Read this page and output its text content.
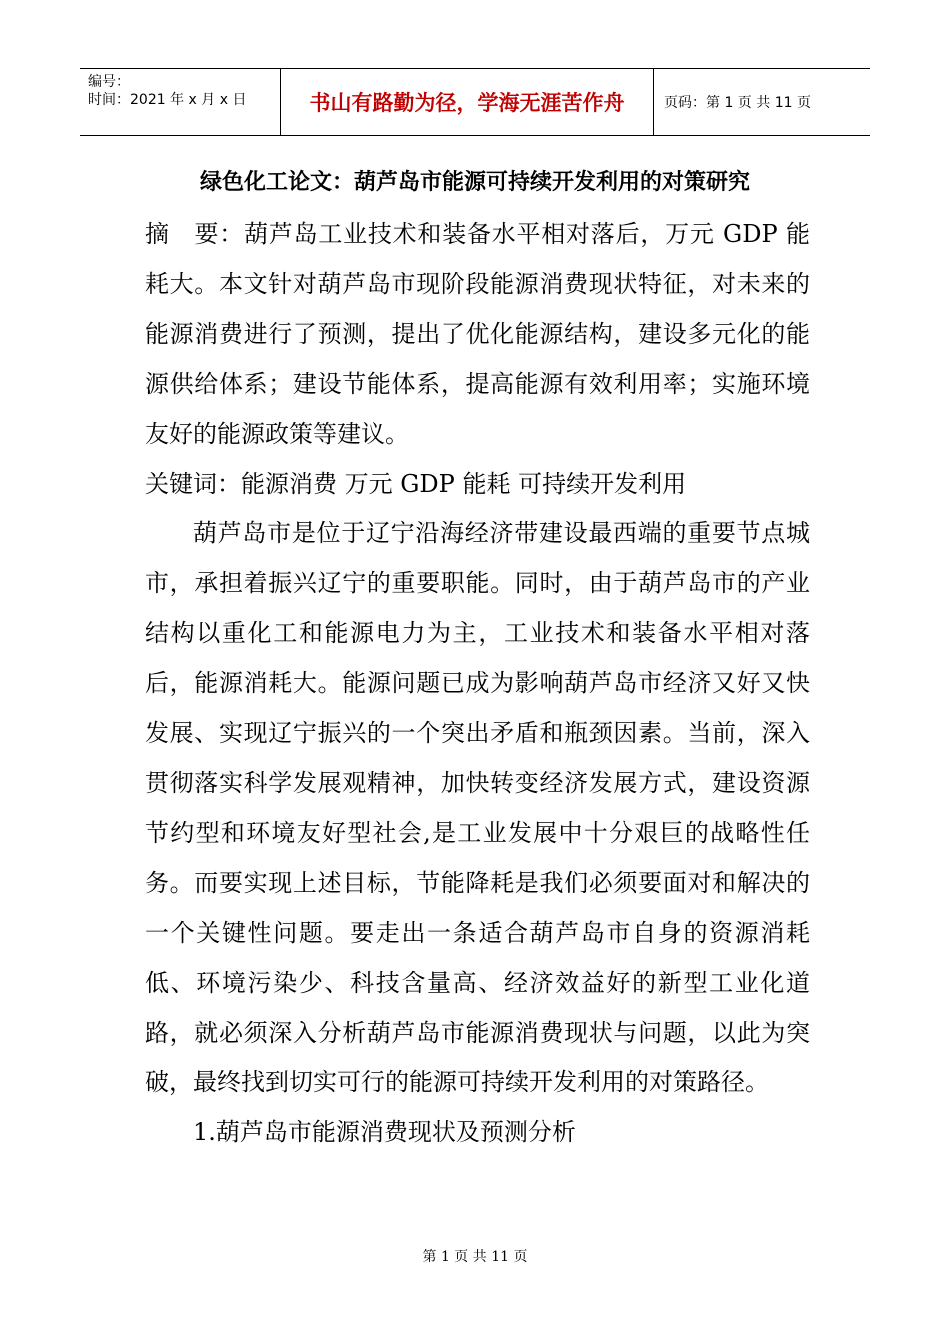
编号：
时间：2021 年 x 月 x 日	书山有路勤为径，学海无涯苦作舟	页码：第 1 页 共 11 页
绿色化工论文：葫芦岛市能源可持续开发利用的对策研究

摘　要：葫芦岛工业技术和装备水平相对落后，万元 GDP 能耗大。本文针对葫芦岛市现阶段能源消费现状特征，对未来的能源消费进行了预测，提出了优化能源结构，建设多元化的能源供给体系；建设节能体系，提高能源有效利用率；实施环境友好的能源政策等建议。

关键词：能源消费 万元 GDP 能耗 可持续开发利用

葫芦岛市是位于辽宁沿海经济带建设最西端的重要节点城市，承担着振兴辽宁的重要职能。同时，由于葫芦岛市的产业结构以重化工和能源电力为主，工业技术和装备水平相对落后，能源消耗大。能源问题已成为影响葫芦岛市经济又好又快发展、实现辽宁振兴的一个突出矛盾和瓶颈因素。当前，深入贯彻落实科学发展观精神，加快转变经济发展方式，建设资源节约型和环境友好型社会,是工业发展中十分艰巨的战略性任务。而要实现上述目标，节能降耗是我们必须要面对和解决的一个关键性问题。要走出一条适合葫芦岛市自身的资源消耗低、环境污染少、科技含量高、经济效益好的新型工业化道路，就必须深入分析葫芦岛市能源消费现状与问题，以此为突破，最终找到切实可行的能源可持续开发利用的对策路径。

1.葫芦岛市能源消费现状及预测分析

第 1 页 共 11 页
